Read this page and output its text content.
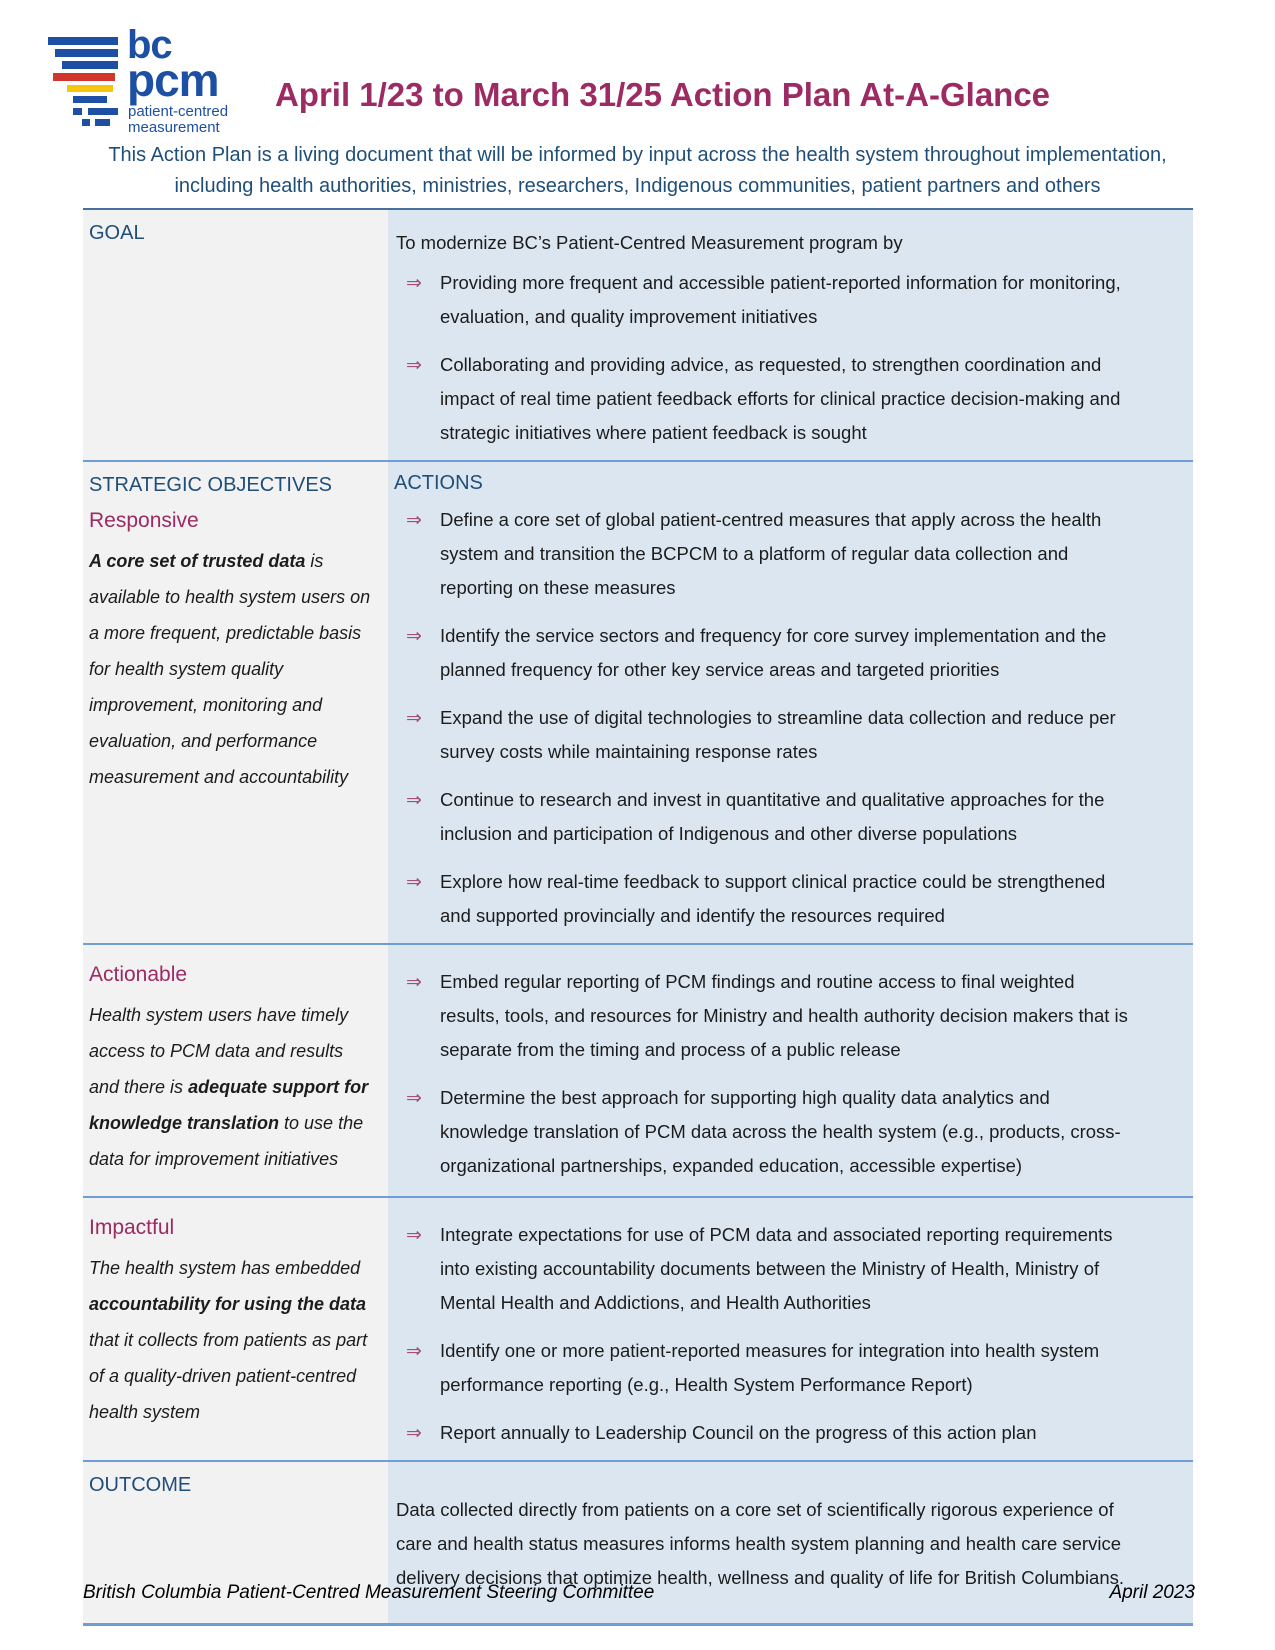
bc
pcm
patient-centred
measurement
April 1/23 to March 31/25 Action Plan At-A-Glance
This Action Plan is a living document that will be informed by input across the health system throughout implementation,
including health authorities, ministries, researchers, Indigenous communities, patient partners and others
GOAL	To modernize BC’s Patient-Centred Measurement program by

⇒ Providing more frequent and accessible patient-reported information for monitoring, evaluation, and quality improvement initiatives
⇒ Collaborating and providing advice, as requested, to strengthen coordination and impact of real time patient feedback efforts for clinical practice decision-making and strategic initiatives where patient feedback is sought
STRATEGIC OBJECTIVES
Responsive

A core set of trusted data is available to health system users on a more frequent, predictable basis for health system quality improvement, monitoring and evaluation, and performance measurement and accountability

ACTIONS
⇒ Define a core set of global patient-centred measures that apply across the health system and transition the BCPCM to a platform of regular data collection and reporting on these measures
⇒ Identify the service sectors and frequency for core survey implementation and the planned frequency for other key service areas and targeted priorities
⇒ Expand the use of digital technologies to streamline data collection and reduce per survey costs while maintaining response rates
⇒ Continue to research and invest in quantitative and qualitative approaches for the inclusion and participation of Indigenous and other diverse populations
⇒ Explore how real-time feedback to support clinical practice could be strengthened and supported provincially and identify the resources required
Actionable

Health system users have timely access to PCM data and results and there is adequate support for knowledge translation to use the data for improvement initiatives

⇒ Embed regular reporting of PCM findings and routine access to final weighted results, tools, and resources for Ministry and health authority decision makers that is separate from the timing and process of a public release
⇒ Determine the best approach for supporting high quality data analytics and knowledge translation of PCM data across the health system (e.g., products, cross-organizational partnerships, expanded education, accessible expertise)
Impactful

The health system has embedded accountability for using the data that it collects from patients as part of a quality-driven patient-centred health system

⇒ Integrate expectations for use of PCM data and associated reporting requirements into existing accountability documents between the Ministry of Health, Ministry of Mental Health and Addictions, and Health Authorities
⇒ Identify one or more patient-reported measures for integration into health system performance reporting (e.g., Health System Performance Report)
⇒ Report annually to Leadership Council on the progress of this action plan
OUTCOME

Data collected directly from patients on a core set of scientifically rigorous experience of care and health status measures informs health system planning and health care service delivery decisions that optimize health, wellness and quality of life for British Columbians.

British Columbia Patient-Centred Measurement Steering Committee	April 2023
